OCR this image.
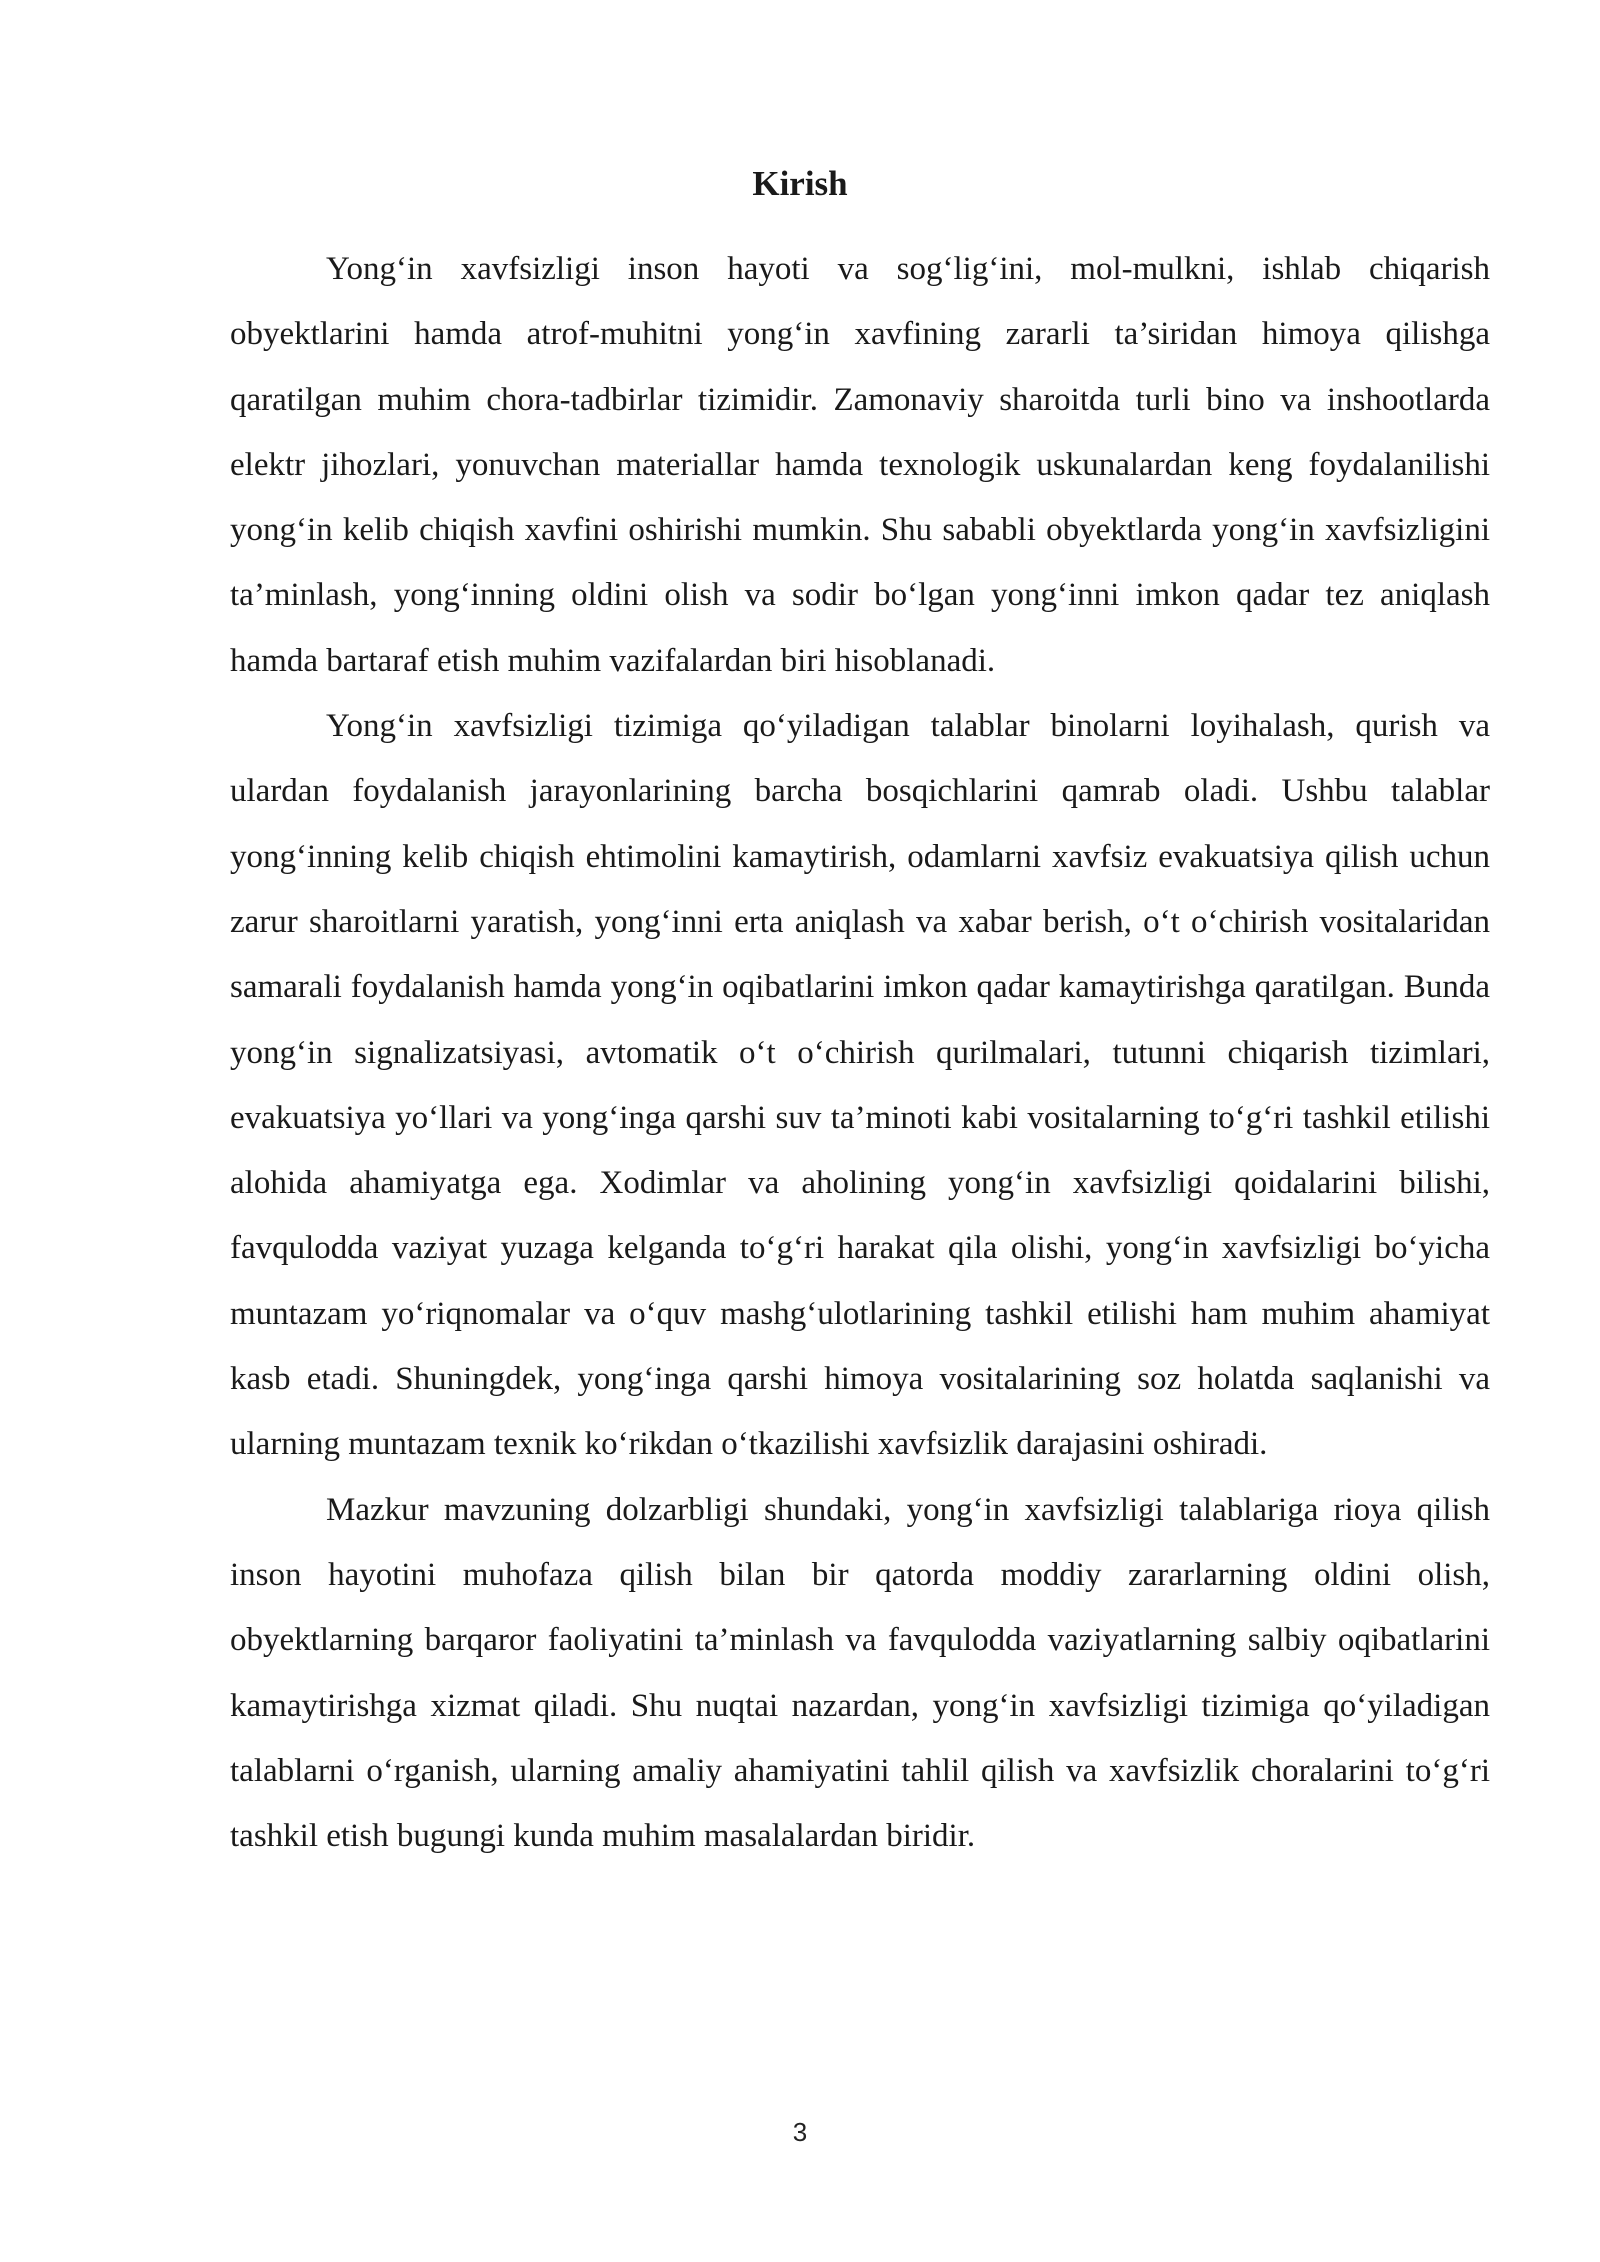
Kirish

Yong‘in xavfsizligi inson hayoti va sog‘lig‘ini, mol-mulkni, ishlab chiqarish obyektlarini hamda atrof-muhitni yong‘in xavfining zararli ta’siridan himoya qilishga qaratilgan muhim chora-tadbirlar tizimidir. Zamonaviy sharoitda turli bino va inshootlarda elektr jihozlari, yonuvchan materiallar hamda texnologik uskunalardan keng foydalanilishi yong‘in kelib chiqish xavfini oshirishi mumkin. Shu sababli obyektlarda yong‘in xavfsizligini ta’minlash, yong‘inning oldini olish va sodir bo‘lgan yong‘inni imkon qadar tez aniqlash hamda bartaraf etish muhim vazifalardan biri hisoblanadi.

Yong‘in xavfsizligi tizimiga qo‘yiladigan talablar binolarni loyihalash, qurish va ulardan foydalanish jarayonlarining barcha bosqichlarini qamrab oladi. Ushbu talablar yong‘inning kelib chiqish ehtimolini kamaytirish, odamlarni xavfsiz evakuatsiya qilish uchun zarur sharoitlarni yaratish, yong‘inni erta aniqlash va xabar berish, o‘t o‘chirish vositalaridan samarali foydalanish hamda yong‘in oqibatlarini imkon qadar kamaytirishga qaratilgan. Bunda yong‘in signalizatsiyasi, avtomatik o‘t o‘chirish qurilmalari, tutunni chiqarish tizimlari, evakuatsiya yo‘llari va yong‘inga qarshi suv ta’minoti kabi vositalarning to‘g‘ri tashkil etilishi alohida ahamiyatga ega. Xodimlar va aholining yong‘in xavfsizligi qoidalarini bilishi, favqulodda vaziyat yuzaga kelganda to‘g‘ri harakat qila olishi, yong‘in xavfsizligi bo‘yicha muntazam yo‘riqnomalar va o‘quv mashg‘ulotlarining tashkil etilishi ham muhim ahamiyat kasb etadi. Shuningdek, yong‘inga qarshi himoya vositalarining soz holatda saqlanishi va ularning muntazam texnik ko‘rikdan o‘tkazilishi xavfsizlik darajasini oshiradi.

Mazkur mavzuning dolzarbligi shundaki, yong‘in xavfsizligi talablariga rioya qilish inson hayotini muhofaza qilish bilan bir qatorda moddiy zararlarning oldini olish, obyektlarning barqaror faoliyatini ta’minlash va favqulodda vaziyatlarning salbiy oqibatlarini kamaytirishga xizmat qiladi. Shu nuqtai nazardan, yong‘in xavfsizligi tizimiga qo‘yiladigan talablarni o‘rganish, ularning amaliy ahamiyatini tahlil qilish va xavfsizlik choralarini to‘g‘ri tashkil etish bugungi kunda muhim masalalardan biridir.

3
